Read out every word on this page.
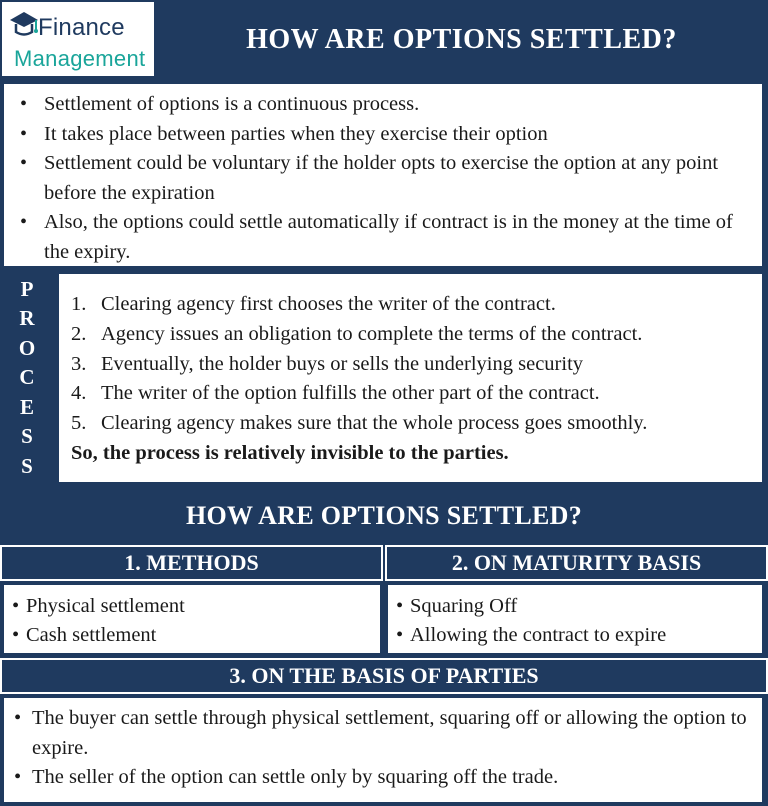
Finance
Management
HOW ARE OPTIONS SETTLED?
• Settlement of options is a continuous process.
• It takes place between parties when they exercise their option
• Settlement could be voluntary if the holder opts to exercise the option at any point before the expiration
• Also, the options could settle automatically if contract is in the money at the time of the expiry.
P
R
O
C
E
S
S
1. Clearing agency first chooses the writer of the contract.
2. Agency issues an obligation to complete the terms of the contract.
3. Eventually, the holder buys or sells the underlying security
4. The writer of the option fulfills the other part of the contract.
5. Clearing agency makes sure that the whole process goes smoothly.
So, the process is relatively invisible to the parties.
HOW ARE OPTIONS SETTLED?
1. METHODS	2. ON MATURITY BASIS
• Physical settlement
• Cash settlement
• Squaring Off
• Allowing the contract to expire
3. ON THE BASIS OF PARTIES
• The buyer can settle through physical settlement, squaring off or allowing the option to expire.
• The seller of the option can settle only by squaring off the trade.
